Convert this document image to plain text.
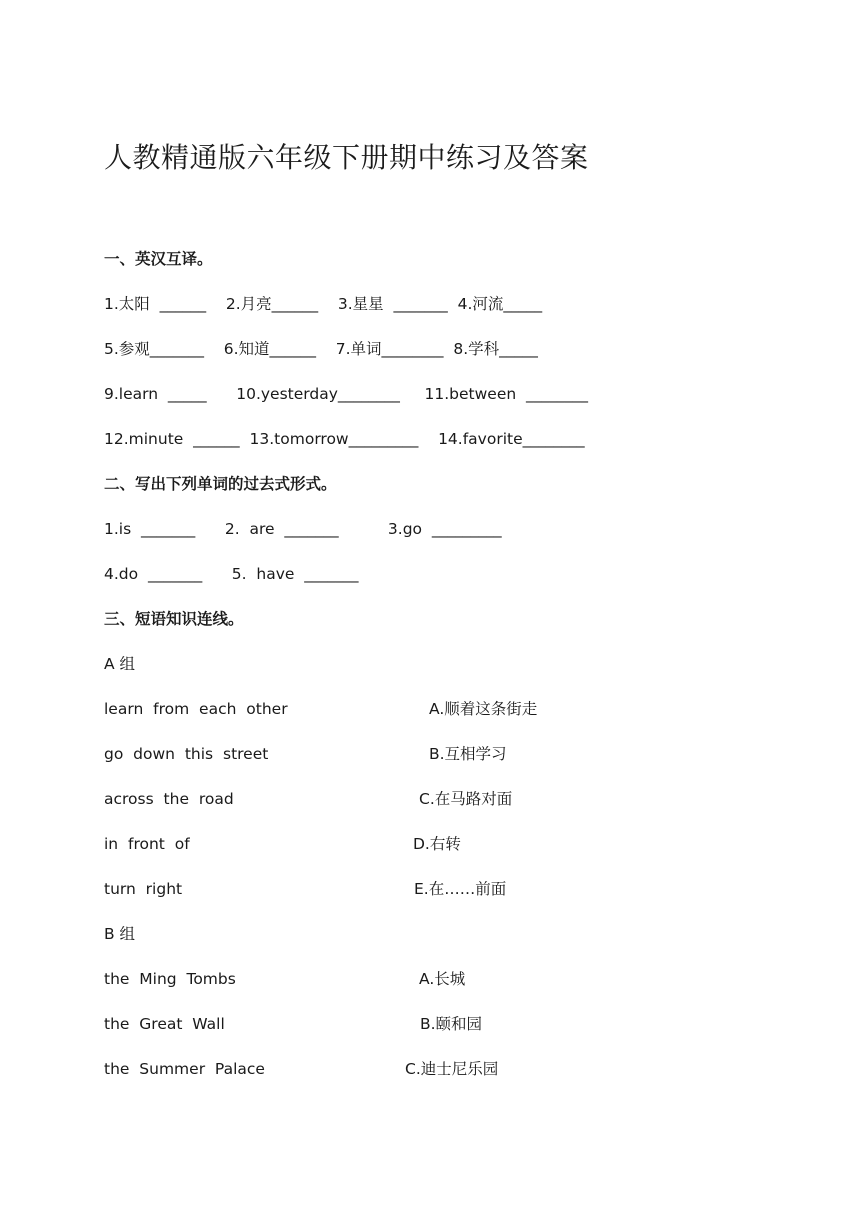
人教精通版六年级下册期中练习及答案
一、英汉互译。
1.太阳  ______    2.月亮______    3.星星  _______  4.河流_____
5.参观_______    6.知道______    7.单词________  8.学科_____
9.learn  _____      10.yesterday________     11.between  ________
12.minute  ______  13.tomorrow_________    14.favorite________
二、写出下列单词的过去式形式。
1.is  _______      2.  are  _______          3.go  _________
4.do  _______      5.  have  _______
三、短语知识连线。
A 组
learn  from  each  other	A.顺着这条街走
go  down  this  street	B.互相学习
across  the  road	C.在马路对面
in  front  of	D.右转
turn  right	E.在……前面
B 组
the  Ming  Tombs	A.长城
the  Great  Wall	B.颐和园
the  Summer  Palace	C.迪士尼乐园
